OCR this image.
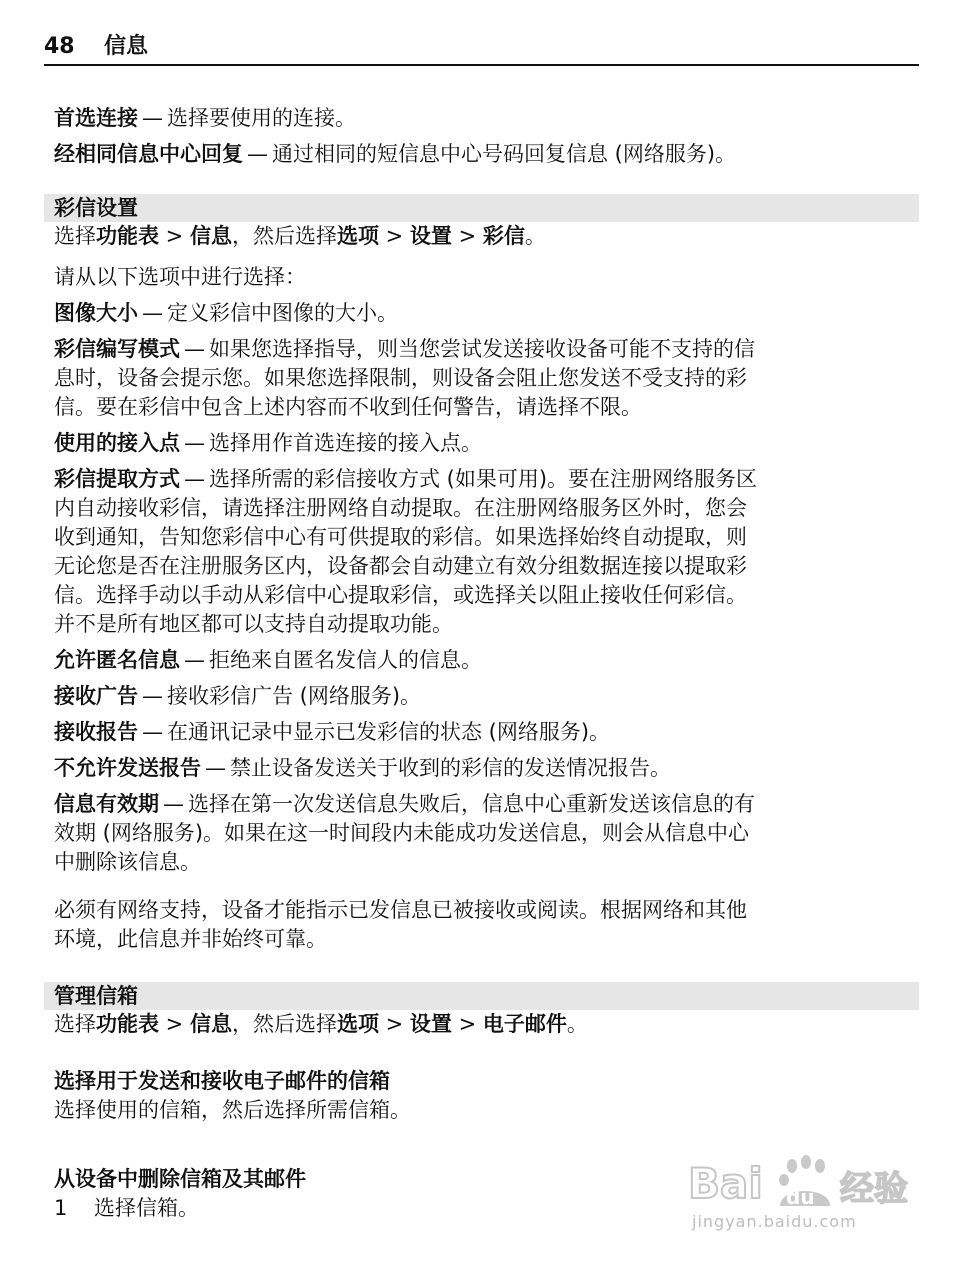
48 信息

首选连接 — 选择要使用的连接。

经相同信息中心回复 — 通过相同的短信息中心号码回复信息 (网络服务)。

彩信设置

选择功能表 > 信息，然后选择选项 > 设置 > 彩信。

请从以下选项中进行选择：

图像大小 — 定义彩信中图像的大小。

彩信编写模式 — 如果您选择指导，则当您尝试发送接收设备可能不支持的信

息时，设备会提示您。如果您选择限制，则设备会阻止您发送不受支持的彩

信。要在彩信中包含上述内容而不收到任何警告，请选择不限。

使用的接入点 — 选择用作首选连接的接入点。

彩信提取方式 — 选择所需的彩信接收方式 (如果可用)。要在注册网络服务区

内自动接收彩信，请选择注册网络自动提取。在注册网络服务区外时，您会

收到通知，告知您彩信中心有可供提取的彩信。如果选择始终自动提取，则

无论您是否在注册服务区内，设备都会自动建立有效分组数据连接以提取彩

信。选择手动以手动从彩信中心提取彩信，或选择关以阻止接收任何彩信。

并不是所有地区都可以支持自动提取功能。

允许匿名信息 — 拒绝来自匿名发信人的信息。

接收广告 — 接收彩信广告 (网络服务)。

接收报告 — 在通讯记录中显示已发彩信的状态 (网络服务)。

不允许发送报告 — 禁止设备发送关于收到的彩信的发送情况报告。

信息有效期 — 选择在第一次发送信息失败后，信息中心重新发送该信息的有

效期 (网络服务)。如果在这一时间段内未能成功发送信息，则会从信息中心

中删除该信息。

必须有网络支持，设备才能指示已发信息已被接收或阅读。根据网络和其他

环境，此信息并非始终可靠。

管理信箱

选择功能表 > 信息，然后选择选项 > 设置 > 电子邮件。

选择用于发送和接收电子邮件的信箱

选择使用的信箱，然后选择所需信箱。

从设备中删除信箱及其邮件

1 选择信箱。	Bai du 经验
jingyan.baidu.com
